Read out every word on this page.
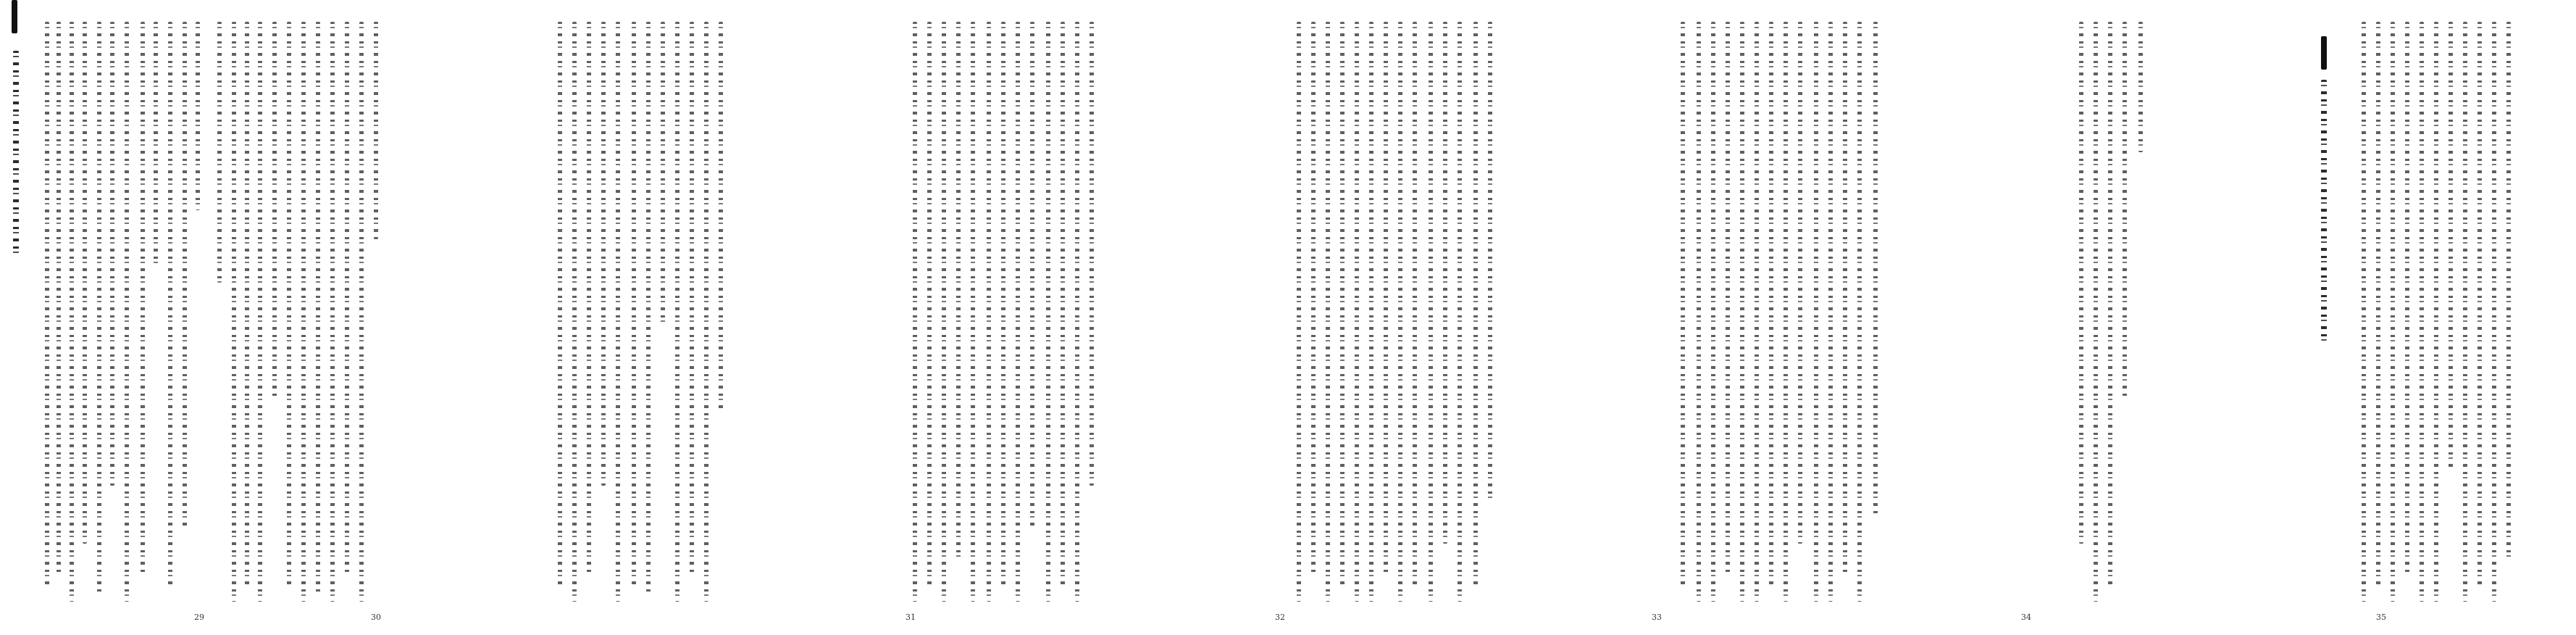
29	30	31	32	33	34	35
